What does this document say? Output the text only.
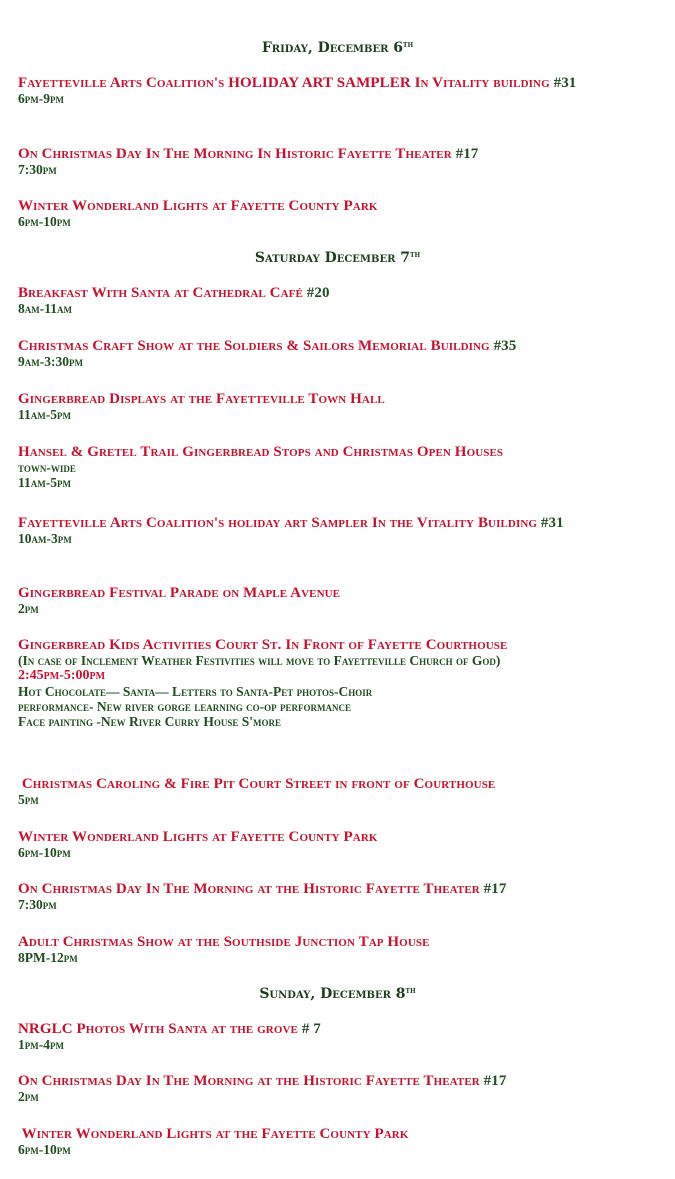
Friday, December 6th
Fayetteville Arts Coalition's HOLIDAY ART SAMPLER In Vitality building #31
6pm-9pm
On Christmas Day In The Morning In Historic Fayette Theater #17
7:30pm
Winter Wonderland Lights at Fayette County Park
6pm-10pm
Saturday December 7th
Breakfast With Santa at Cathedral Café #20
8am-11am
Christmas Craft Show at the Soldiers & Sailors Memorial Building #35
9am-3:30pm
Gingerbread Displays at the Fayetteville Town Hall
11am-5pm
Hansel & Gretel Trail Gingerbread Stops and Christmas Open Houses
town-wide
11am-5pm
Fayetteville Arts Coalition's holiday art Sampler In the Vitality Building #31
10am-3pm
Gingerbread Festival Parade on Maple Avenue
2pm
Gingerbread Kids Activities Court St. In Front of Fayette Courthouse
(In case of Inclement Weather Festivities will move to Fayetteville Church of God)
2:45pm-5:00pm
Hot Chocolate— Santa— Letters to Santa-Pet photos-Choir
performance- New river gorge learning co-op performance
Face painting -New River Curry House S'more
Christmas Caroling & Fire Pit Court Street in front of Courthouse
5pm
Winter Wonderland Lights at Fayette County Park
6pm-10pm
On Christmas Day In The Morning at the Historic Fayette Theater #17
7:30pm
Adult Christmas Show at the Southside Junction Tap House
8PM-12pm
Sunday, December 8th
NRGLC Photos With Santa at the grove # 7
1pm-4pm
On Christmas Day In The Morning at the Historic Fayette Theater #17
2pm
Winter Wonderland Lights at the Fayette County Park
6pm-10pm
